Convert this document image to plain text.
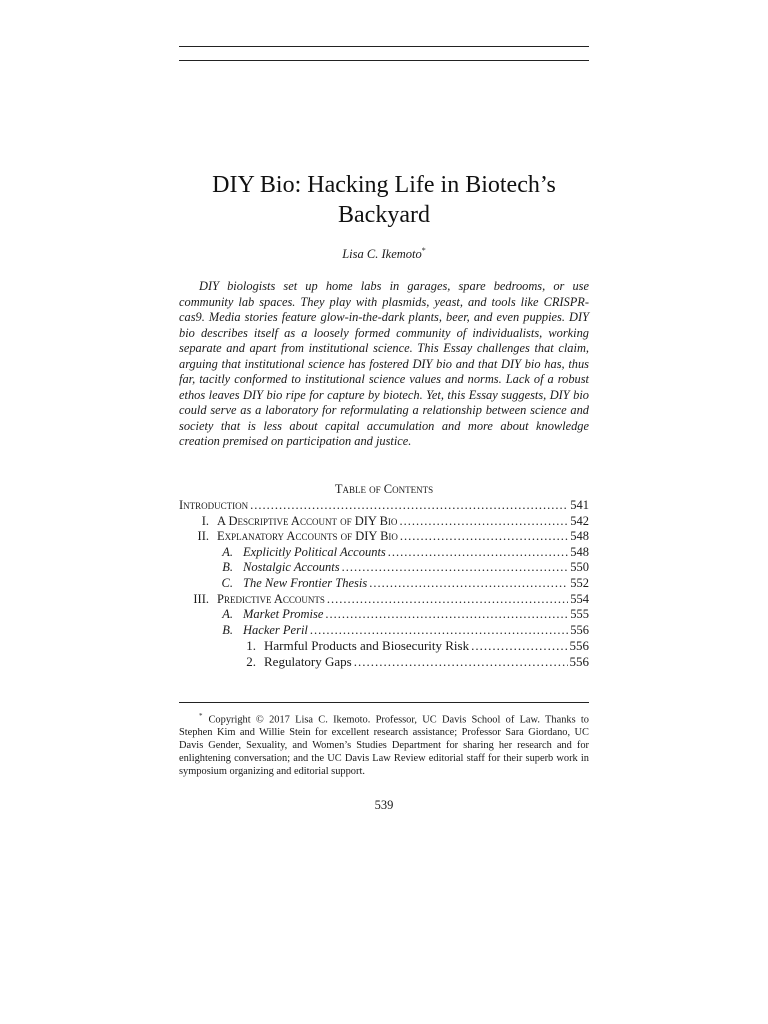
DIY Bio: Hacking Life in Biotech’s
Backyard
Lisa C. Ikemoto*

DIY biologists set up home labs in garages, spare bedrooms, or use community lab spaces. They play with plasmids, yeast, and tools like CRISPR-cas9. Media stories feature glow-in-the-dark plants, beer, and even puppies. DIY bio describes itself as a loosely formed community of individualists, working separate and apart from institutional science. This Essay challenges that claim, arguing that institutional science has fostered DIY bio and that DIY bio has, thus far, tacitly conformed to institutional science values and norms. Lack of a robust ethos leaves DIY bio ripe for capture by biotech. Yet, this Essay suggests, DIY bio could serve as a laboratory for reformulating a relationship between science and society that is less about capital accumulation and more about knowledge creation premised on participation and justice.

Table of Contents
Introduction .....	541
I. A Descriptive Account of DIY Bio .....	542
II. Explanatory Accounts of DIY Bio .....	548
A. Explicitly Political Accounts .....	548
B. Nostalgic Accounts .....	550
C. The New Frontier Thesis .....	552
III. Predictive Accounts .....	554
A. Market Promise .....	555
B. Hacker Peril .....	556
1. Harmful Products and Biosecurity Risk .....	556
2. Regulatory Gaps .....	556

* Copyright © 2017 Lisa C. Ikemoto. Professor, UC Davis School of Law. Thanks to Stephen Kim and Willie Stein for excellent research assistance; Professor Sara Giordano, UC Davis Gender, Sexuality, and Women’s Studies Department for sharing her research and for enlightening conversation; and the UC Davis Law Review editorial staff for their superb work in symposium organizing and editorial support.

539
